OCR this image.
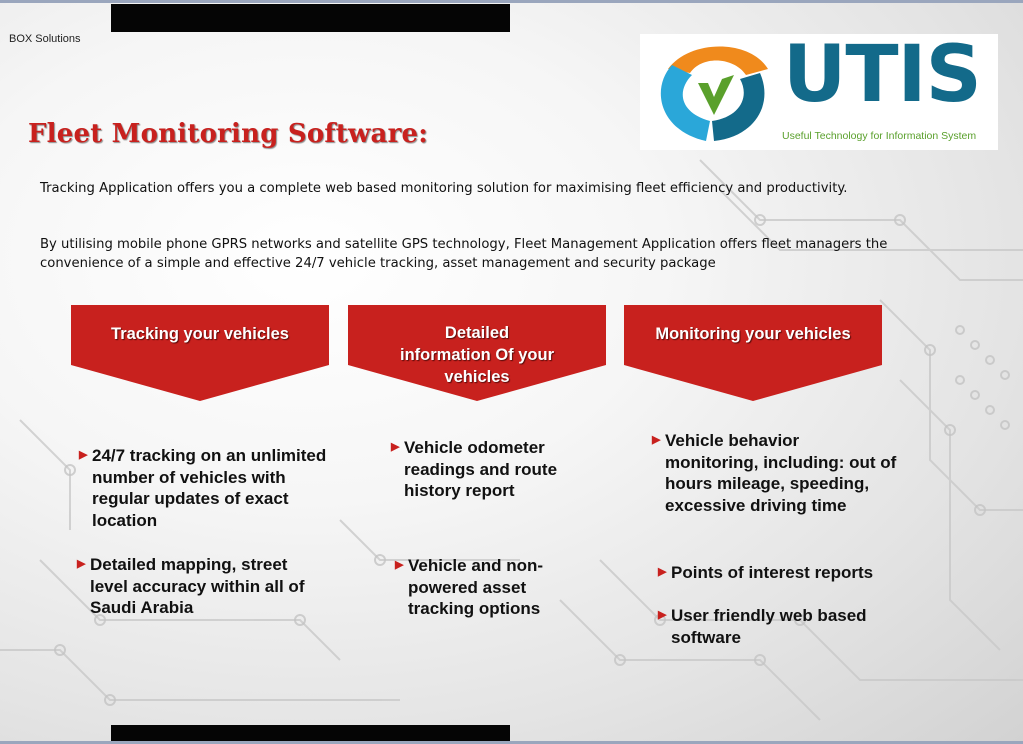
BOX Solutions	UTIS
Useful Technology for Information System
Fleet Monitoring Software:

Tracking Application offers you a complete web based monitoring solution for maximising fleet efficiency and productivity.

By utilising mobile phone GPRS networks and satellite GPS technology, Fleet Management Application offers fleet managers the convenience of a simple and effective 24/7 vehicle tracking, asset management and security package

Tracking your vehicles	Detailed information Of your vehicles
Monitoring your vehicles
▶ 24/7 tracking on an unlimited number of vehicles with regular updates of exact location
▶ Detailed mapping, street level accuracy within all of Saudi Arabia
▶ Vehicle odometer readings and route history report
▶ Vehicle and non-powered asset tracking options
▶ Vehicle behavior monitoring, including: out of hours mileage, speeding, excessive driving time
▶ Points of interest reports
▶ User friendly web based software
